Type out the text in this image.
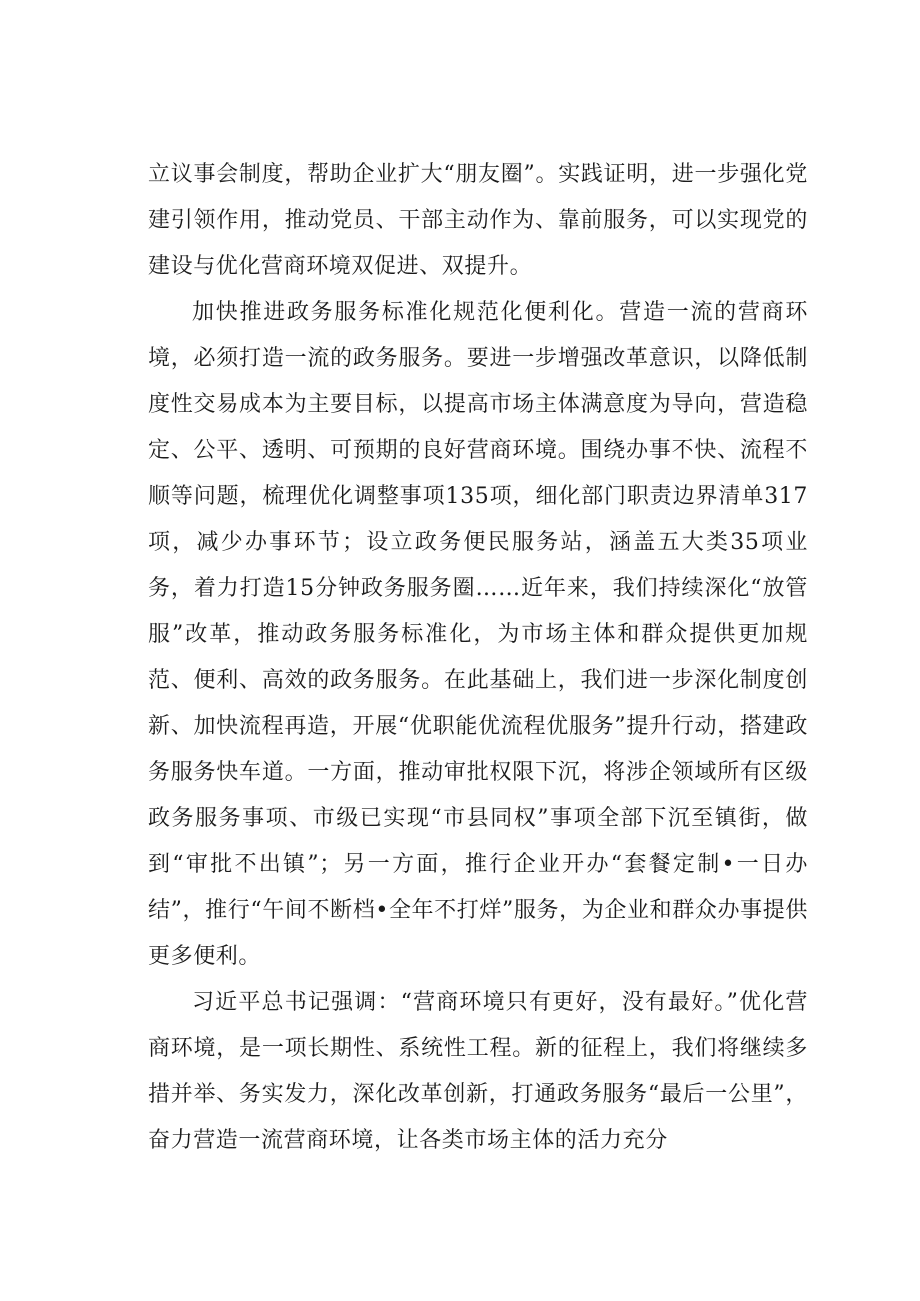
立议事会制度，帮助企业扩大“朋友圈”。实践证明，进一步强化党建引领作用，推动党员、干部主动作为、靠前服务，可以实现党的建设与优化营商环境双促进、双提升。

加快推进政务服务标准化规范化便利化。营造一流的营商环境，必须打造一流的政务服务。要进一步增强改革意识，以降低制度性交易成本为主要目标，以提高市场主体满意度为导向，营造稳定、公平、透明、可预期的良好营商环境。围绕办事不快、流程不顺等问题，梳理优化调整事项135项，细化部门职责边界清单317项，减少办事环节；设立政务便民服务站，涵盖五大类35项业务，着力打造15分钟政务服务圈……近年来，我们持续深化“放管服”改革，推动政务服务标准化，为市场主体和群众提供更加规范、便利、高效的政务服务。在此基础上，我们进一步深化制度创新、加快流程再造，开展“优职能优流程优服务”提升行动，搭建政务服务快车道。一方面，推动审批权限下沉，将涉企领域所有区级政务服务事项、市级已实现“市县同权”事项全部下沉至镇街，做到“审批不出镇”；另一方面，推行企业开办“套餐定制•一日办结”，推行“午间不断档•全年不打烊”服务，为企业和群众办事提供更多便利。

习近平总书记强调：“营商环境只有更好，没有最好。”优化营商环境，是一项长期性、系统性工程。新的征程上，我们将继续多措并举、务实发力，深化改革创新，打通政务服务“最后一公里”，奋力营造一流营商环境，让各类市场主体的活力充分
